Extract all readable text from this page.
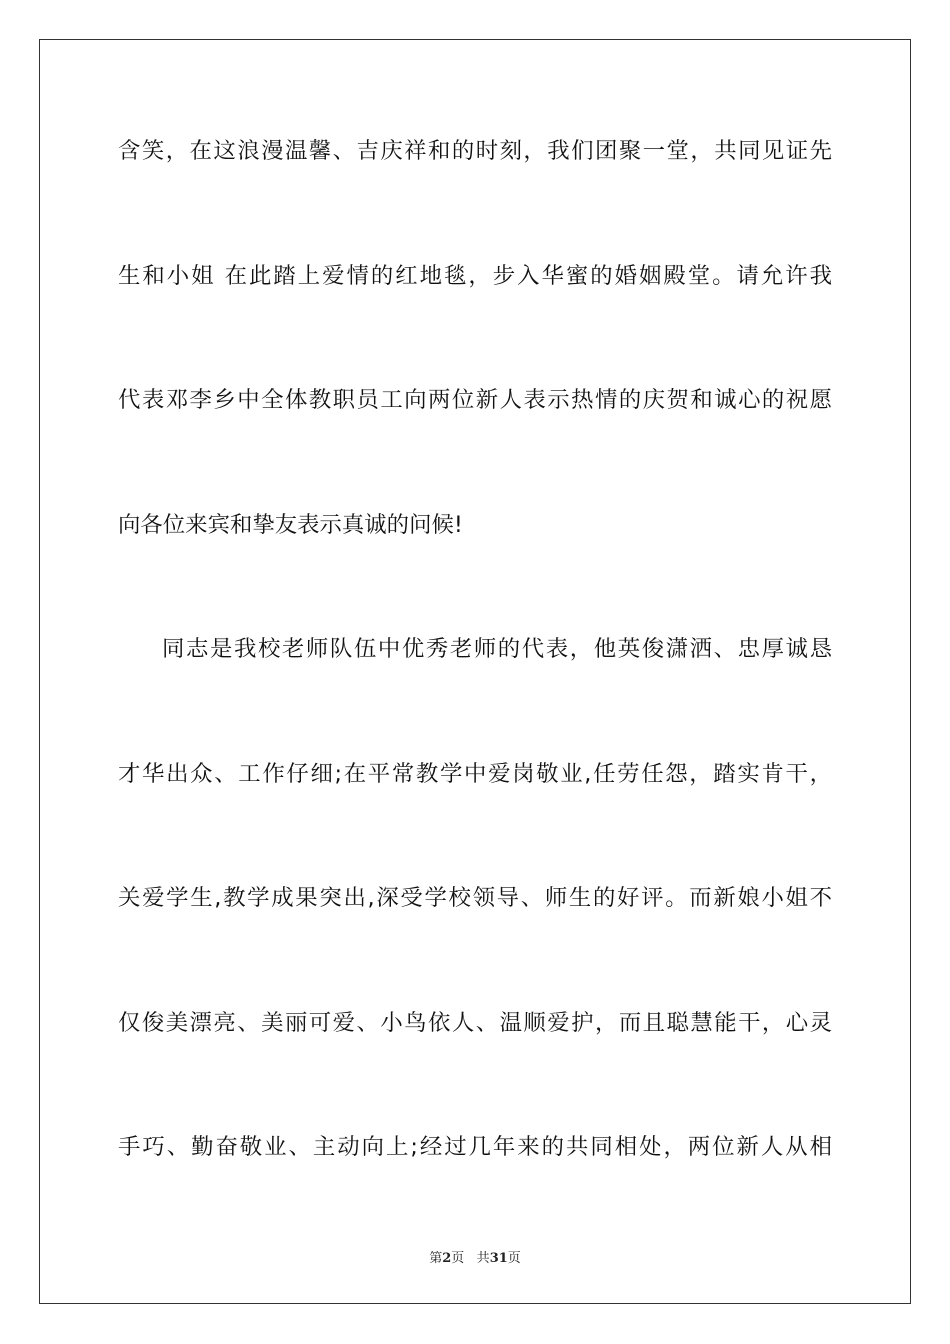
含笑，在这浪漫温馨、吉庆祥和的时刻，我们团聚一堂，共同见证先
生和小姐 在此踏上爱情的红地毯，步入华蜜的婚姻殿堂。请允许我
代表邓李乡中全体教职员工向两位新人表示热情的庆贺和诚心的祝愿
向各位来宾和挚友表示真诚的问候!
同志是我校老师队伍中优秀老师的代表，他英俊潇洒、忠厚诚恳
才华出众、工作仔细;在平常教学中爱岗敬业,任劳任怨，踏实肯干，
关爱学生,教学成果突出,深受学校领导、师生的好评。而新娘小姐不
仅俊美漂亮、美丽可爱、小鸟依人、温顺爱护，而且聪慧能干，心灵
手巧、勤奋敬业、主动向上;经过几年来的共同相处，两位新人从相
第2页 共31页
